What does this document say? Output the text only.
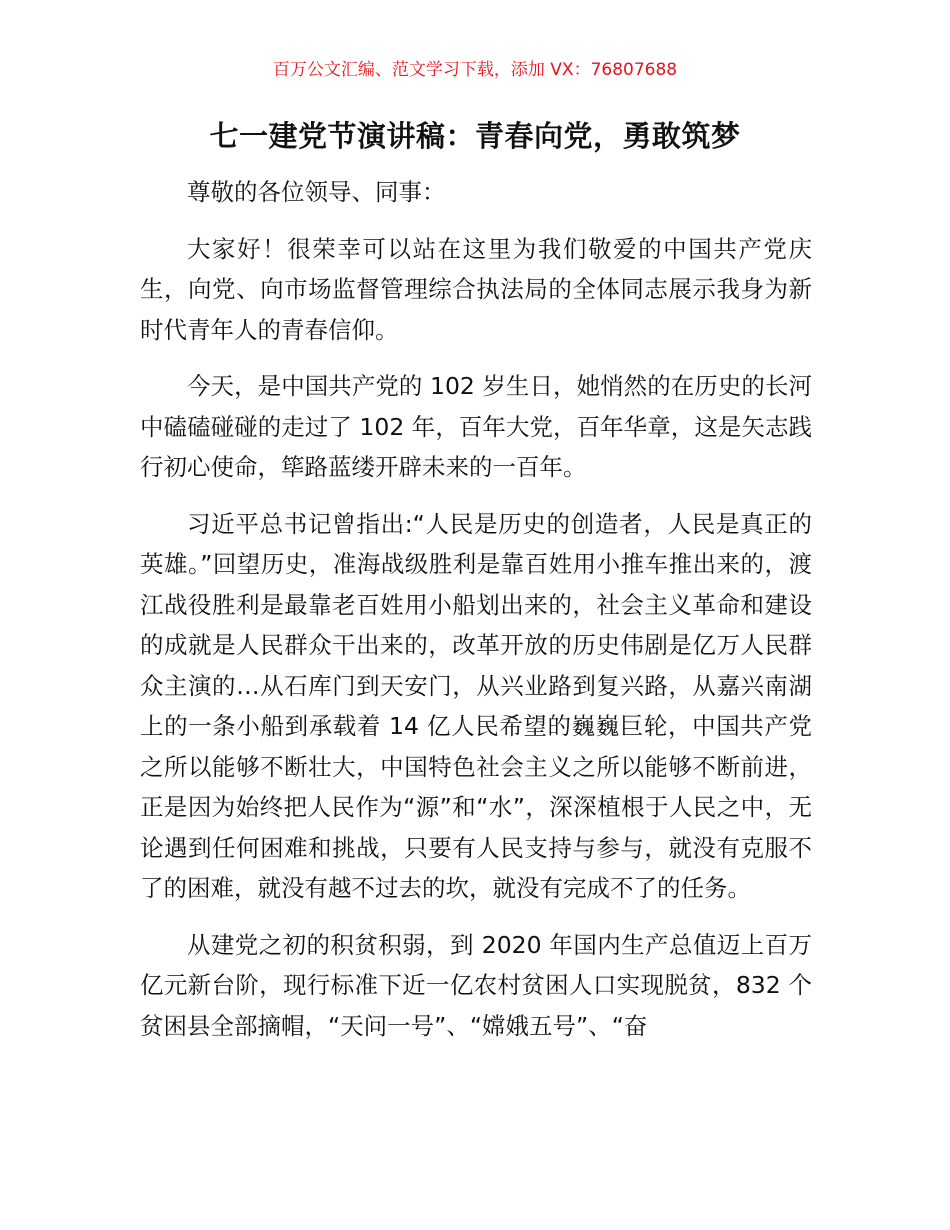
百万公文汇编、范文学习下载，添加 VX：76807688
七一建党节演讲稿：青春向党，勇敢筑梦

尊敬的各位领导、同事：

大家好！很荣幸可以站在这里为我们敬爱的中国共产党庆生，向党、向市场监督管理综合执法局的全体同志展示我身为新时代青年人的青春信仰。

今天，是中国共产党的 102 岁生日，她悄然的在历史的长河中磕磕碰碰的走过了 102 年，百年大党，百年华章，这是矢志践行初心使命，筚路蓝缕开辟未来的一百年。

习近平总书记曾指出:“人民是历史的创造者，人民是真正的英雄。”回望历史，准海战级胜利是靠百姓用小推车推出来的，渡江战役胜利是最靠老百姓用小船划出来的，社会主义革命和建设的成就是人民群众干出来的，改革开放的历史伟剧是亿万人民群众主演的…从石库门到天安门，从兴业路到复兴路，从嘉兴南湖上的一条小船到承载着 14 亿人民希望的巍巍巨轮，中国共产党之所以能够不断壮大，中国特色社会主义之所以能够不断前进，正是因为始终把人民作为“源”和“水”，深深植根于人民之中，无论遇到任何困难和挑战，只要有人民支持与参与，就没有克服不了的困难，就没有越不过去的坎，就没有完成不了的任务。

从建党之初的积贫积弱，到 2020 年国内生产总值迈上百万亿元新台阶，现行标准下近一亿农村贫困人口实现脱贫，832 个贫困县全部摘帽，“天问一号”、“嫦娥五号”、“奋
